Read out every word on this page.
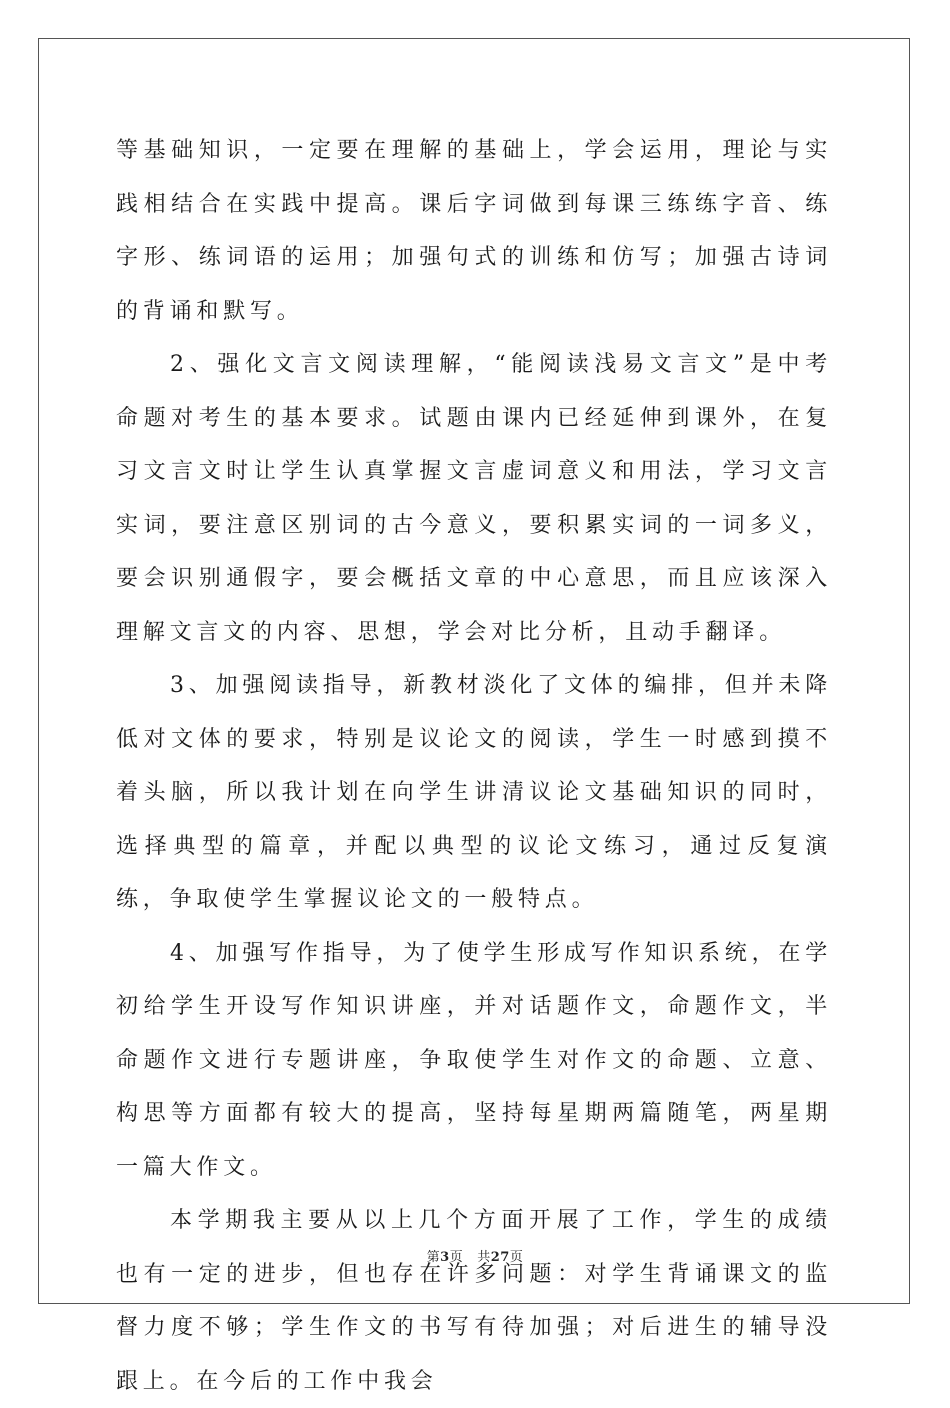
等基础知识，一定要在理解的基础上，学会运用，理论与实践相结合在实践中提高。课后字词做到每课三练练字音、练字形、练词语的运用；加强句式的训练和仿写；加强古诗词的背诵和默写。

2、强化文言文阅读理解，“能阅读浅易文言文”是中考命题对考生的基本要求。试题由课内已经延伸到课外，在复习文言文时让学生认真掌握文言虚词意义和用法，学习文言实词，要注意区别词的古今意义，要积累实词的一词多义，要会识别通假字，要会概括文章的中心意思，而且应该深入理解文言文的内容、思想，学会对比分析，且动手翻译。

3、加强阅读指导，新教材淡化了文体的编排，但并未降低对文体的要求，特别是议论文的阅读，学生一时感到摸不着头脑，所以我计划在向学生讲清议论文基础知识的同时，选择典型的篇章，并配以典型的议论文练习，通过反复演练，争取使学生掌握议论文的一般特点。

4、加强写作指导，为了使学生形成写作知识系统，在学初给学生开设写作知识讲座，并对话题作文，命题作文，半命题作文进行专题讲座，争取使学生对作文的命题、立意、构思等方面都有较大的提高，坚持每星期两篇随笔，两星期一篇大作文。

本学期我主要从以上几个方面开展了工作，学生的成绩也有一定的进步，但也存在许多问题：对学生背诵课文的监督力度不够；学生作文的书写有待加强；对后进生的辅导没跟上。在今后的工作中我会

第3页 共27页
